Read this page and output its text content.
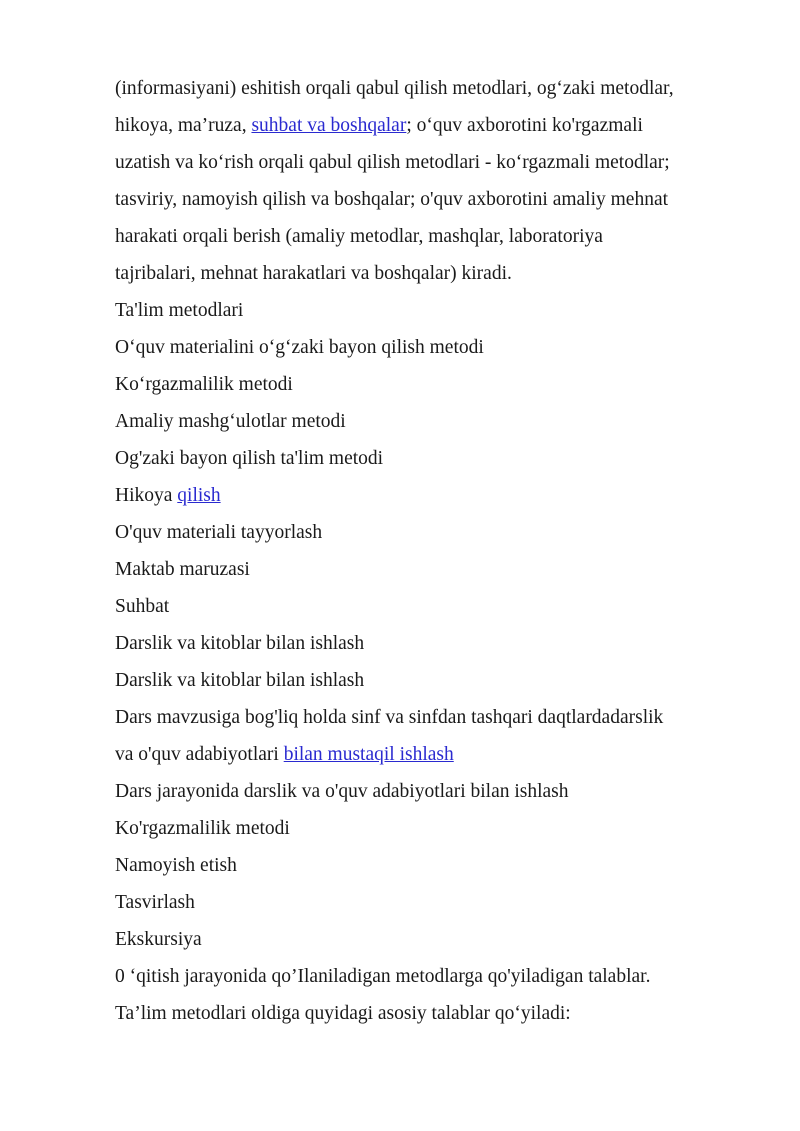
(informasiyani) eshitish orqali qabul qilish metodlari, og‘zaki metodlar,
hikoya, ma’ruza, suhbat va boshqalar; o‘quv axborotini ko'rgazmali
uzatish va ko‘rish orqali qabul qilish metodlari - ko‘rgazmali metodlar;
tasviriy, namoyish qilish va boshqalar; o'quv axborotini amaliy mehnat
harakati orqali berish (amaliy metodlar, mashqlar, laboratoriya
tajribalari, mehnat harakatlari va boshqalar) kiradi.
Ta'lim metodlari
O‘quv materialini o‘g‘zaki bayon qilish metodi
Ko‘rgazmalilik metodi
Amaliy mashg‘ulotlar metodi
Og'zaki bayon qilish ta'lim metodi
Hikoya qilish
O'quv materiali tayyorlash
Maktab maruzasi
Suhbat
Darslik va kitoblar bilan ishlash
Darslik va kitoblar bilan ishlash
Dars mavzusiga bog'liq holda sinf va sinfdan tashqari daqtlardadarslik
va o'quv adabiyotlari bilan mustaqil ishlash
Dars jarayonida darslik va o'quv adabiyotlari bilan ishlash
Ko'rgazmalilik metodi
Namoyish etish
Tasvirlash
Ekskursiya
0 ‘qitish jarayonida qo’Ilaniladigan metodlarga qo'yiladigan talablar.
Ta’lim metodlari oldiga quyidagi asosiy talablar qo‘yiladi:
